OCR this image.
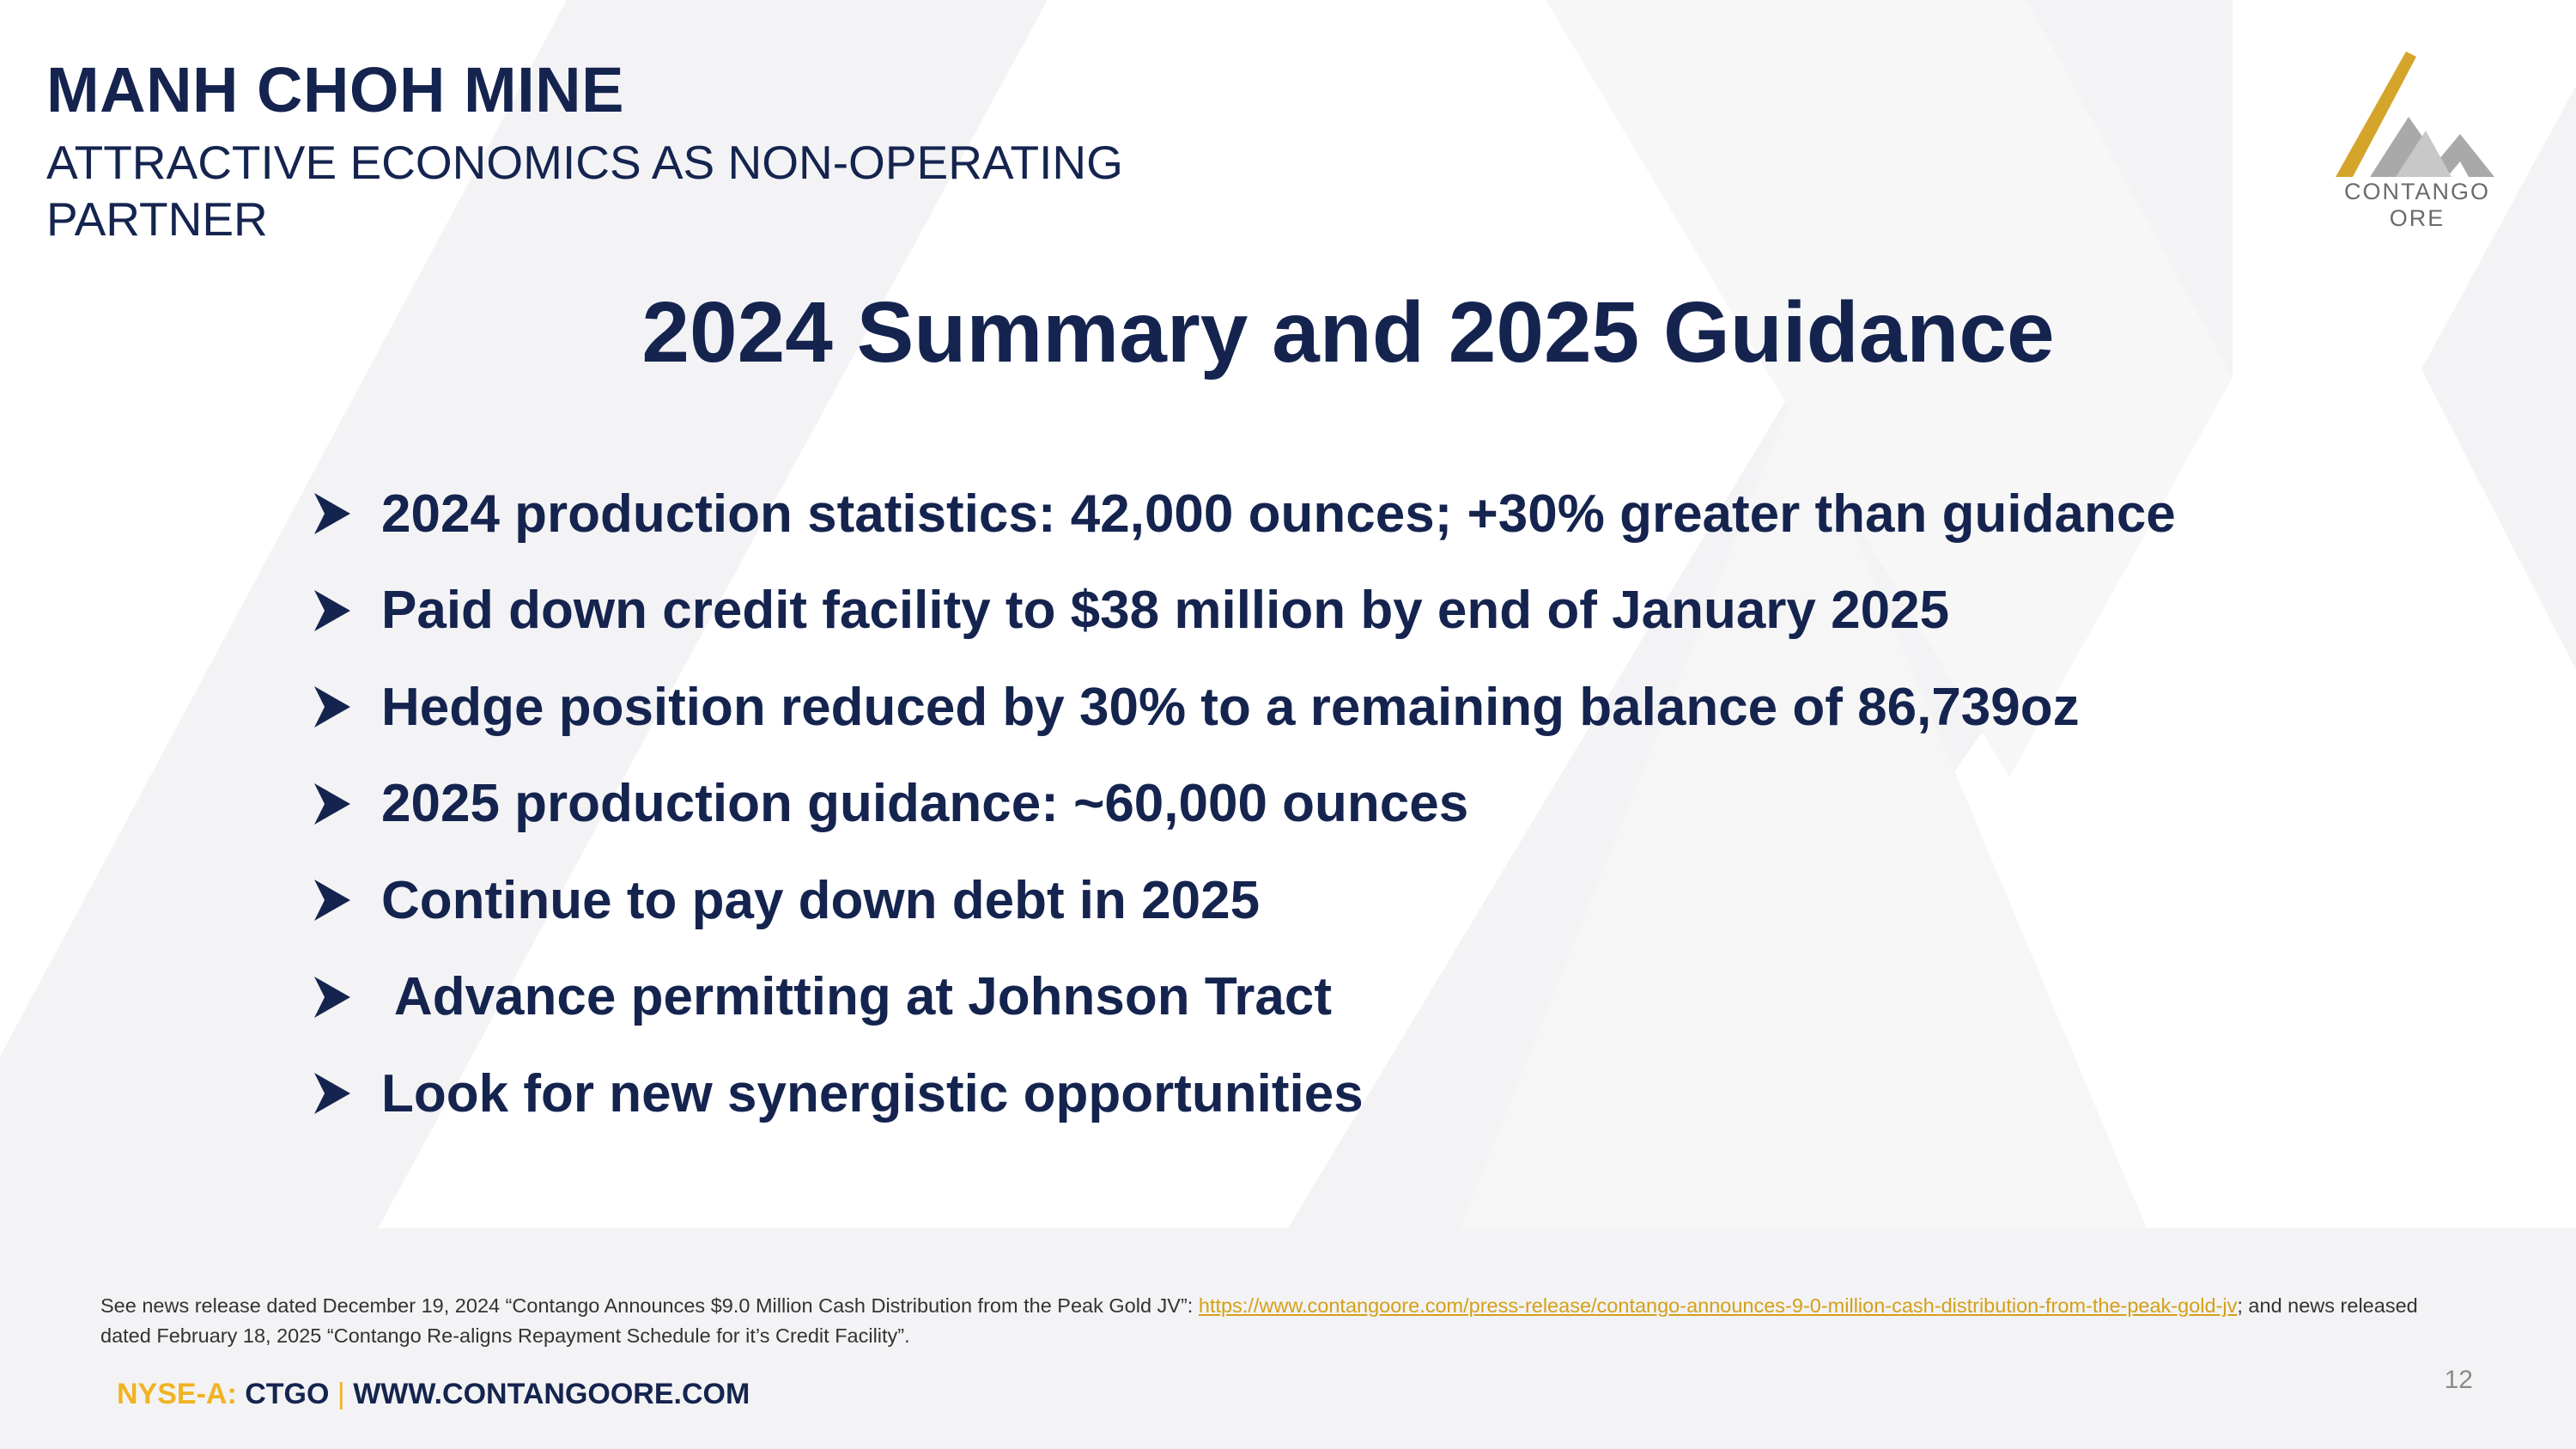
MANH CHOH MINE

ATTRACTIVE ECONOMICS AS NON-OPERATING PARTNER

CONTANGO ORE
2024 Summary and 2025 Guidance
2024 production statistics: 42,000 ounces; +30% greater than guidance
Paid down credit facility to $38 million by end of January 2025
Hedge position reduced by 30% to a remaining balance of 86,739oz
2025 production guidance: ~60,000 ounces
Continue to pay down debt in 2025
Advance permitting at Johnson Tract
Look for new synergistic opportunities

See news release dated December 19, 2024 “Contango Announces $9.0 Million Cash Distribution from the Peak Gold JV”: https://www.contangoore.com/press-release/contango-announces-9-0-million-cash-distribution-from-the-peak-gold-jv; and news released dated February 18, 2025 “Contango Re-aligns Repayment Schedule for it’s Credit Facility”.

NYSE-A: CTGO | WWW.CONTANGOORE.COM	12
